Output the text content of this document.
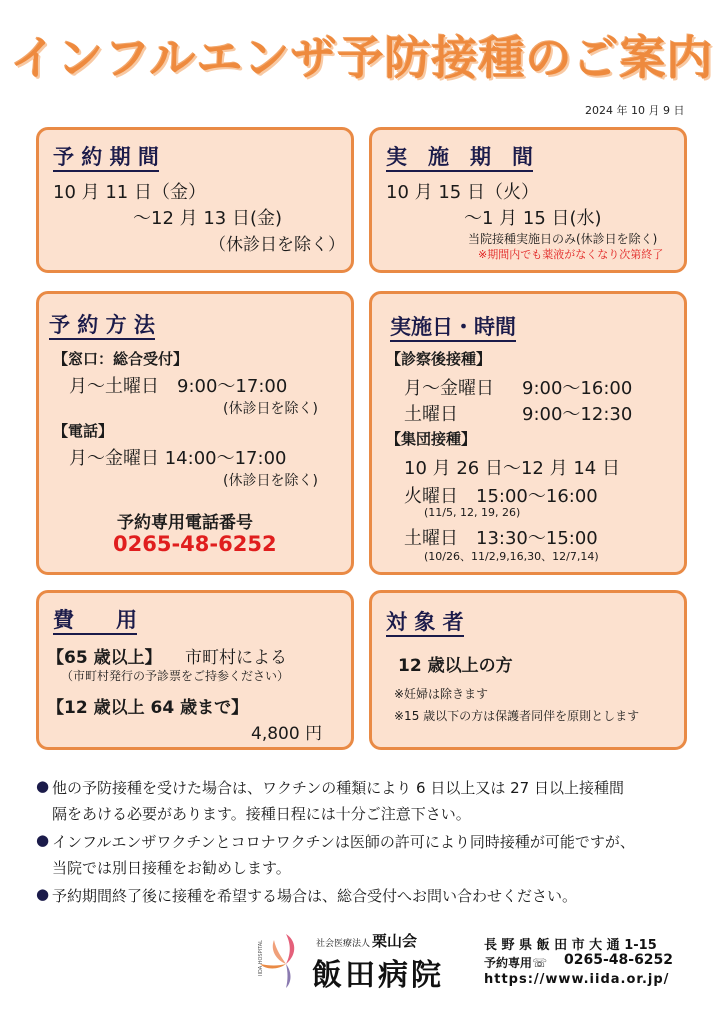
インフルエンザ予防接種のご案内
2024 年 10 月 9 日
予 約 期 間
10 月 11 日（金）
～12 月 13 日(金)
（休診日を除く）
実　施　期　間
10 月 15 日（火）
～1 月 15 日(水)
当院接種実施日のみ(休診日を除く)
※期間内でも薬液がなくなり次第終了
予 約 方 法
【窓口：総合受付】
月～土曜日　9:00～17:00
(休診日を除く)
【電話】
月～金曜日 14:00～17:00
(休診日を除く)
予約専用電話番号
0265-48-6252
実施日・時間
【診察後接種】
月～金曜日 9:00～16:00
土曜日	9:00～12:30
【集団接種】
10 月 26 日～12 月 14 日
火曜日　15:00～16:00
(11/5, 12, 19, 26)
土曜日　13:30～15:00
(10/26、11/2,9,16,30、12/7,14)
費　　用
【65 歳以上】 市町村による
（市町村発行の予診票をご持参ください）
【12 歳以上 64 歳まで】
4,800 円
対 象 者
12 歳以上の方
※妊婦は除きます
※15 歳以下の方は保護者同伴を原則とします
● 他の予防接種を受けた場合は、ワクチンの種類により 6 日以上又は 27 日以上接種間
隔をあける必要があります。接種日程には十分ご注意下さい。
● インフルエンザワクチンとコロナワクチンは医師の許可により同時接種が可能ですが、
当院では別日接種をお勧めします。
● 予約期間終了後に接種を希望する場合は、総合受付へお問い合わせください。
IIDA HOSPITAL	社会医療法人 栗山会
飯田病院
長 野 県 飯 田 市 大 通 1-15
予約専用☏ 0265-48-6252
https://www.iida.or.jp/
